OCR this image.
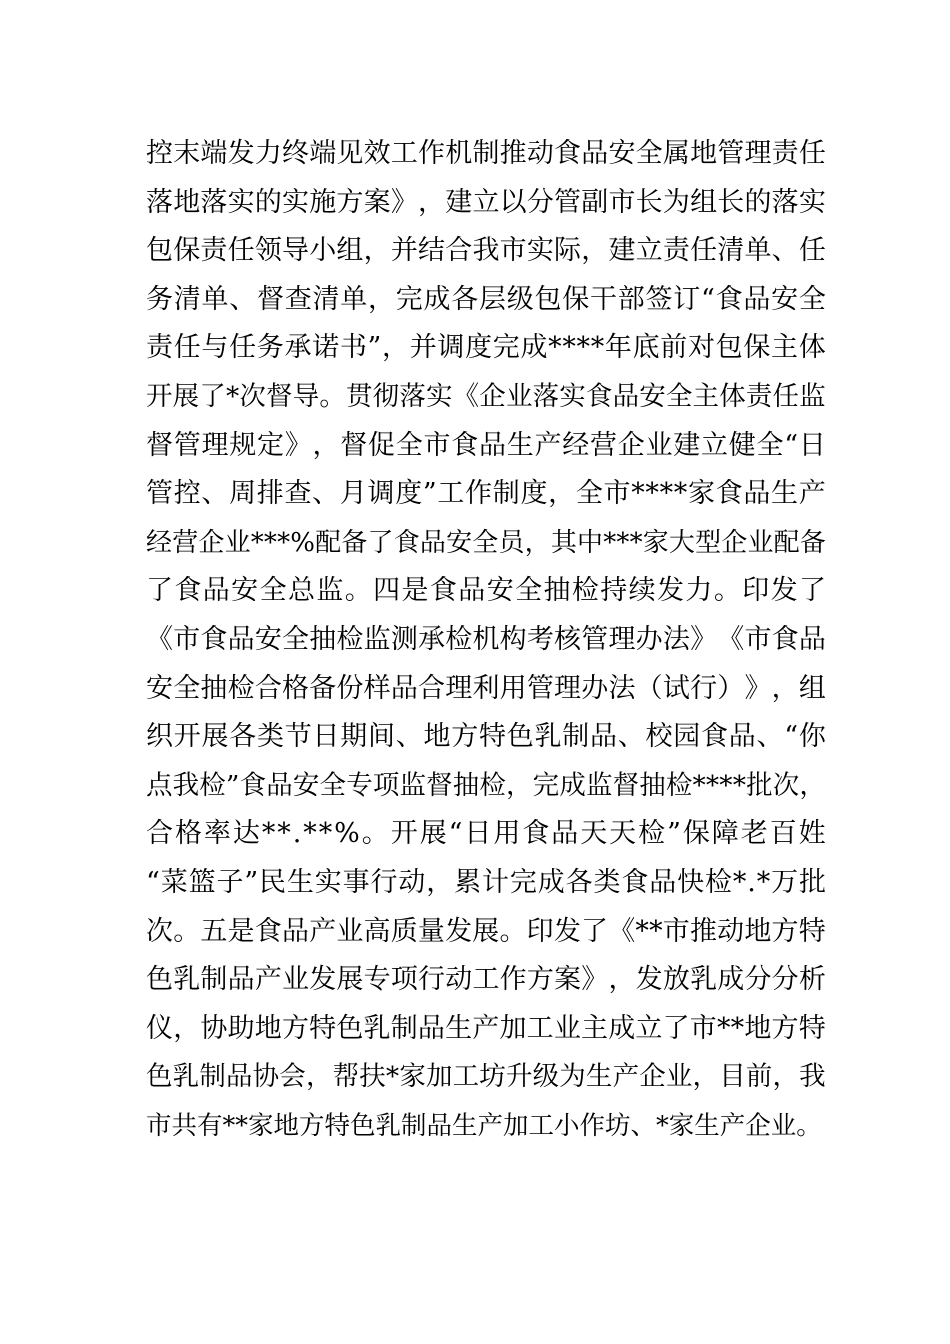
控 末 端 发 力 终 端 见 效 工 作 机 制 推 动 食 品 安 全 属 地 管 理 责 任
落 地 落 实 的 实 施 方 案 》 ， 建 立 以 分 管 副 市 长 为 组 长 的 落 实
包 保 责 任 领 导 小 组 ， 并 结 合 我 市 实 际 ， 建 立 责 任 清 单 、 任
务 清 单 、 督 查 清 单 ， 完 成 各 层 级 包 保 干 部 签 订 “ 食 品 安 全
责 任 与 任 务 承 诺 书 ” ， 并 调 度 完 成 * * * * 年 底 前 对 包 保 主 体
开 展 了 * 次 督 导 。 贯 彻 落 实 《 企 业 落 实 食 品 安 全 主 体 责 任 监
督 管 理 规 定 》 ， 督 促 全 市 食 品 生 产 经 营 企 业 建 立 健 全 “ 日
管 控 、 周 排 查 、 月 调 度 ” 工 作 制 度 ， 全 市 * * * * 家 食 品 生 产
经 营 企 业 * * * % 配 备 了 食 品 安 全 员 ， 其 中 * * * 家 大 型 企 业 配 备
了 食 品 安 全 总 监 。 四 是 食 品 安 全 抽 检 持 续 发 力 。 印 发 了
《 市 食 品 安 全 抽 检 监 测 承 检 机 构 考 核 管 理 办 法 》 《 市 食 品
安 全 抽 检 合 格 备 份 样 品 合 理 利 用 管 理 办 法 （ 试 行 ） 》 ， 组
织 开 展 各 类 节 日 期 间 、 地 方 特 色 乳 制 品 、 校 园 食 品 、 “ 你
点 我 检 ” 食 品 安 全 专 项 监 督 抽 检 ， 完 成 监 督 抽 检 * * * * 批 次 ，
合 格 率 达 * * . * * % 。 开 展 “ 日 用 食 品 天 天 检 ” 保 障 老 百 姓
“ 菜 篮 子 ” 民 生 实 事 行 动 ， 累 计 完 成 各 类 食 品 快 检 * . * 万 批
次 。 五 是 食 品 产 业 高 质 量 发 展 。 印 发 了 《 * * 市 推 动 地 方 特
色 乳 制 品 产 业 发 展 专 项 行 动 工 作 方 案 》 ， 发 放 乳 成 分 分 析
仪 ， 协 助 地 方 特 色 乳 制 品 生 产 加 工 业 主 成 立 了 市 * * 地 方 特
色 乳 制 品 协 会 ， 帮 扶 * 家 加 工 坊 升 级 为 生 产 企 业 ， 目 前 ， 我
市共有**家地方特色乳制品生产加工小作坊、*家生产企业。
